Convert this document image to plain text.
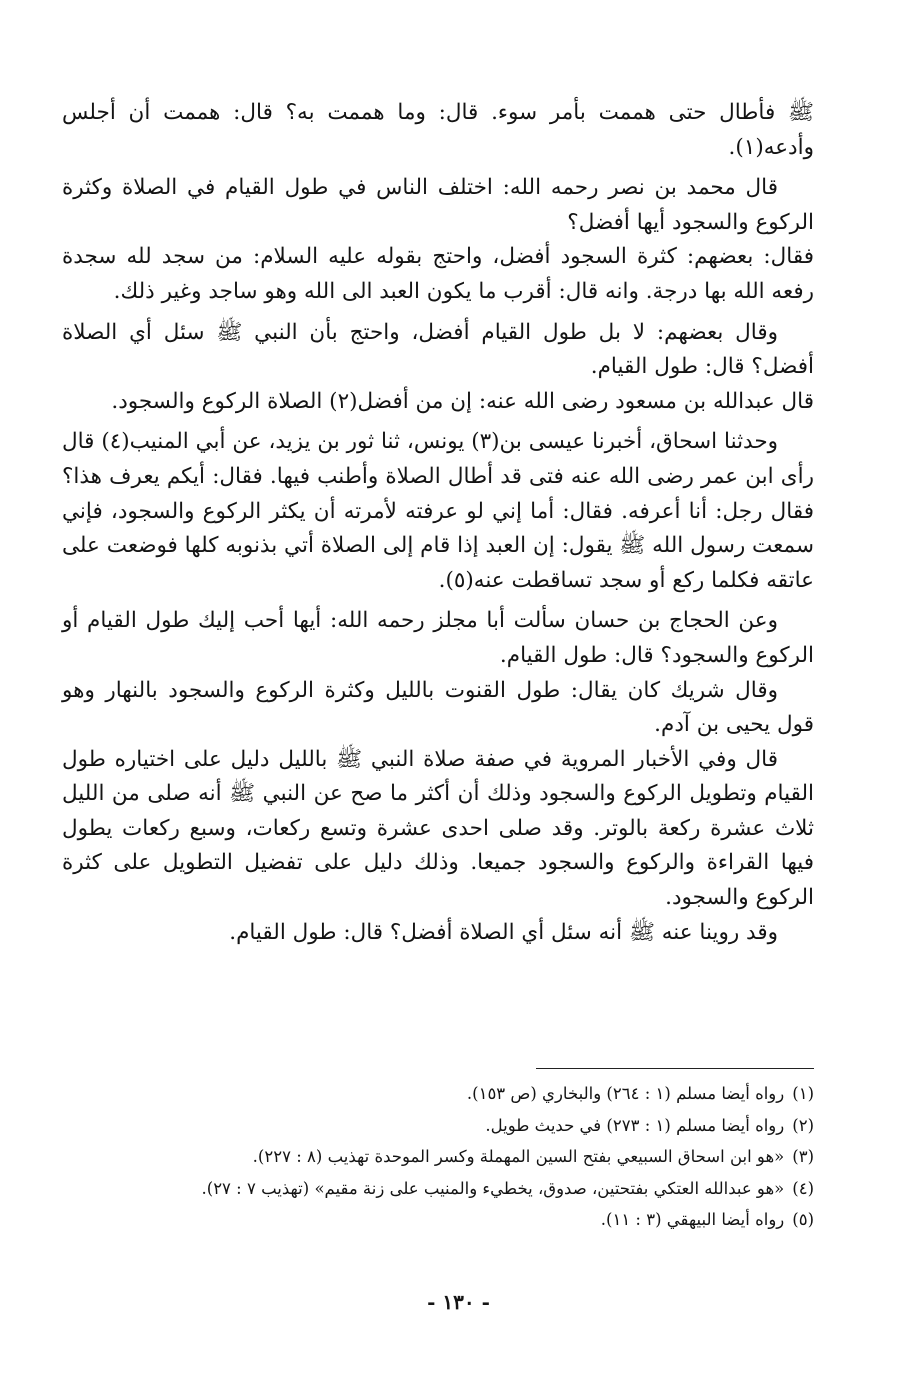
ﷺ فأطال حتى هممت بأمر سوء. قال: وما هممت به؟ قال: هممت أن أجلس وأدعه(١).

قال محمد بن نصر رحمه الله: اختلف الناس في طول القيام في الصلاة وكثرة الركوع والسجود أيها أفضل؟

فقال: بعضهم: كثرة السجود أفضل، واحتج بقوله عليه السلام: من سجد لله سجدة رفعه الله بها درجة. وانه قال: أقرب ما يكون العبد الى الله وهو ساجد وغير ذلك.

وقال بعضهم: لا بل طول القيام أفضل، واحتج بأن النبي ﷺ سئل أي الصلاة أفضل؟ قال: طول القيام.

قال عبدالله بن مسعود رضى الله عنه: إن من أفضل(٢) الصلاة الركوع والسجود.

وحدثنا اسحاق، أخبرنا عيسى بن(٣) يونس، ثنا ثور بن يزيد، عن أبي المنيب(٤) قال رأى ابن عمر رضى الله عنه فتى قد أطال الصلاة وأطنب فيها. فقال: أيكم يعرف هذا؟ فقال رجل: أنا أعرفه. فقال: أما إني لو عرفته لأمرته أن يكثر الركوع والسجود، فإني سمعت رسول الله ﷺ يقول: إن العبد إذا قام إلى الصلاة أتي بذنوبه كلها فوضعت على عاتقه فكلما ركع أو سجد تساقطت عنه(٥).

وعن الحجاج بن حسان سألت أبا مجلز رحمه الله: أيها أحب إليك طول القيام أو الركوع والسجود؟ قال: طول القيام.

وقال شريك كان يقال: طول القنوت بالليل وكثرة الركوع والسجود بالنهار وهو قول يحيى بن آدم.

قال وفي الأخبار المروية في صفة صلاة النبي ﷺ بالليل دليل على اختياره طول القيام وتطويل الركوع والسجود وذلك أن أكثر ما صح عن النبي ﷺ أنه صلى من الليل ثلاث عشرة ركعة بالوتر. وقد صلى احدى عشرة وتسع ركعات، وسبع ركعات يطول فيها القراءة والركوع والسجود جميعا. وذلك دليل على تفضيل التطويل على كثرة الركوع والسجود.

وقد روينا عنه ﷺ أنه سئل أي الصلاة أفضل؟ قال: طول القيام.

(١)رواه أيضا مسلم (١ : ٢٦٤) والبخاري (ص ١٥٣).
(٢)رواه أيضا مسلم (١ : ٢٧٣) في حديث طويل.
(٣)«هو ابن اسحاق السبيعي بفتح السين المهملة وكسر الموحدة تهذيب (٨ : ٢٢٧).
(٤)«هو عبدالله العتكي بفتحتين، صدوق، يخطيء والمنيب على زنة مقيم» (تهذيب ٧ : ٢٧).
(٥)رواه أيضا البيهقي (٣ : ١١).
- ١٣٠ -
